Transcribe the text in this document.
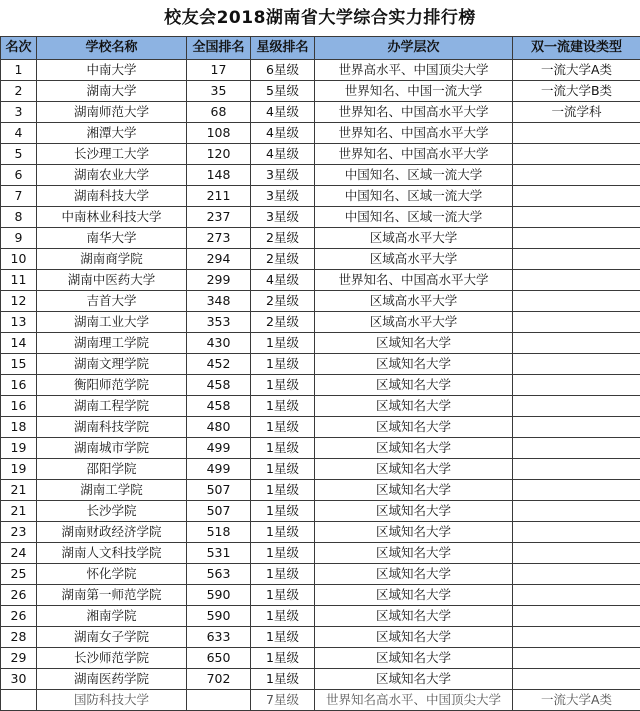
校友会2018湖南省大学综合实力排行榜
名次	学校名称	全国排名	星级排名	办学层次	双一流建设类型
1	中南大学	17	6星级	世界高水平、中国顶尖大学	一流大学A类
2	湖南大学	35	5星级	世界知名、中国一流大学	一流大学B类
3	湖南师范大学	68	4星级	世界知名、中国高水平大学	一流学科
4	湘潭大学	108	4星级	世界知名、中国高水平大学	
5	长沙理工大学	120	4星级	世界知名、中国高水平大学	
6	湖南农业大学	148	3星级	中国知名、区域一流大学	
7	湖南科技大学	211	3星级	中国知名、区域一流大学	
8	中南林业科技大学	237	3星级	中国知名、区域一流大学	
9	南华大学	273	2星级	区域高水平大学	
10	湖南商学院	294	2星级	区域高水平大学	
11	湖南中医药大学	299	4星级	世界知名、中国高水平大学	
12	吉首大学	348	2星级	区域高水平大学	
13	湖南工业大学	353	2星级	区域高水平大学	
14	湖南理工学院	430	1星级	区域知名大学	
15	湖南文理学院	452	1星级	区域知名大学	
16	衡阳师范学院	458	1星级	区域知名大学	
16	湖南工程学院	458	1星级	区域知名大学	
18	湖南科技学院	480	1星级	区域知名大学	
19	湖南城市学院	499	1星级	区域知名大学	
19	邵阳学院	499	1星级	区域知名大学	
21	湖南工学院	507	1星级	区域知名大学	
21	长沙学院	507	1星级	区域知名大学	
23	湖南财政经济学院	518	1星级	区域知名大学	
24	湖南人文科技学院	531	1星级	区域知名大学	
25	怀化学院	563	1星级	区域知名大学	
26	湖南第一师范学院	590	1星级	区域知名大学	
26	湘南学院	590	1星级	区域知名大学	
28	湖南女子学院	633	1星级	区域知名大学	
29	长沙师范学院	650	1星级	区域知名大学	
30	湖南医药学院	702	1星级	区域知名大学	
	国防科技大学		7星级	世界知名高水平、中国顶尖大学	一流大学A类
